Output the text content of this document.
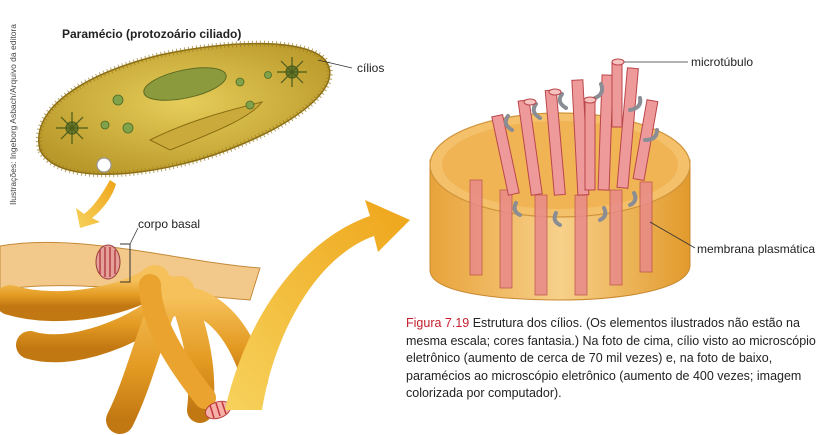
Ilustrações: Ingeborg Asbach/Arquivo da editora	Paramécio (protozoário ciliado)
cílios
corpo basal
microtúbulo
membrana plasmática
Figura 7.19 Estrutura dos cílios. (Os elementos ilustrados não estão na mesma escala; cores fantasia.) Na foto de cima, cílio visto ao microscópio eletrônico (aumento de cerca de 70 mil vezes) e, na foto de baixo, paramécios ao microscópio eletrônico (aumento de 400 vezes; imagem colorizada por computador).
